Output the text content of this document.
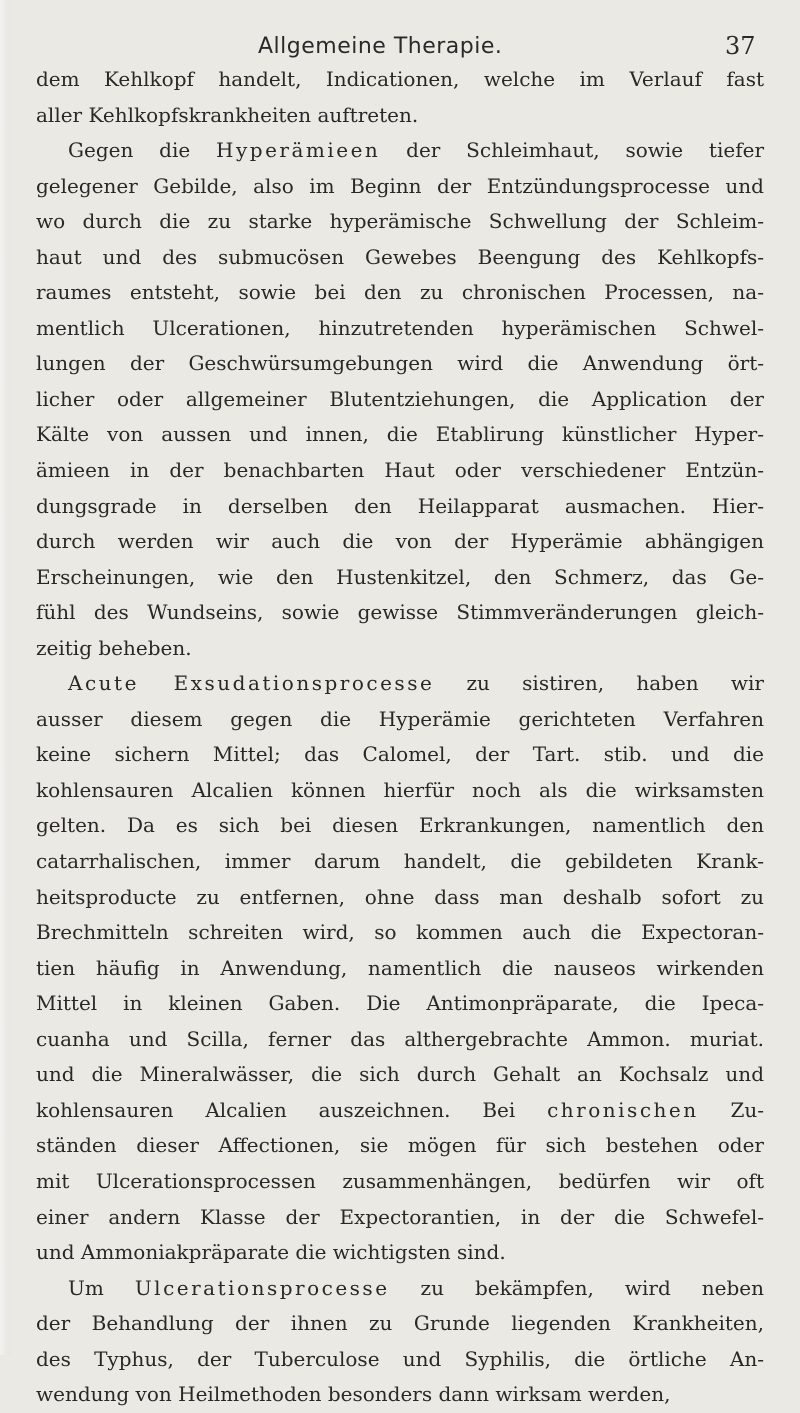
Allgemeine Therapie.	37
dem Kehlkopf handelt, Indicationen, welche im Verlauf fast
aller Kehlkopfskrankheiten auftreten.
Gegen die Hyperämieen der Schleimhaut, sowie tiefer
gelegener Gebilde, also im Beginn der Entzündungsprocesse und
wo durch die zu starke hyperämische Schwellung der Schleim-
haut und des submucösen Gewebes Beengung des Kehlkopfs-
raumes entsteht, sowie bei den zu chronischen Processen, na-
mentlich Ulcerationen, hinzutretenden hyperämischen Schwel-
lungen der Geschwürsumgebungen wird die Anwendung ört-
licher oder allgemeiner Blutentziehungen, die Application der
Kälte von aussen und innen, die Etablirung künstlicher Hyper-
ämieen in der benachbarten Haut oder verschiedener Entzün-
dungsgrade in derselben den Heilapparat ausmachen. Hier-
durch werden wir auch die von der Hyperämie abhängigen
Erscheinungen, wie den Hustenkitzel, den Schmerz, das Ge-
fühl des Wundseins, sowie gewisse Stimmveränderungen gleich-
zeitig beheben.
Acute Exsudationsprocesse zu sistiren, haben wir
ausser diesem gegen die Hyperämie gerichteten Verfahren
keine sichern Mittel; das Calomel, der Tart. stib. und die
kohlensauren Alcalien können hierfür noch als die wirksamsten
gelten. Da es sich bei diesen Erkrankungen, namentlich den
catarrhalischen, immer darum handelt, die gebildeten Krank-
heitsproducte zu entfernen, ohne dass man deshalb sofort zu
Brechmitteln schreiten wird, so kommen auch die Expectoran-
tien häufig in Anwendung, namentlich die nauseos wirkenden
Mittel in kleinen Gaben. Die Antimonpräparate, die Ipeca-
cuanha und Scilla, ferner das althergebrachte Ammon. muriat.
und die Mineralwässer, die sich durch Gehalt an Kochsalz und
kohlensauren Alcalien auszeichnen. Bei chronischen Zu-
ständen dieser Affectionen, sie mögen für sich bestehen oder
mit Ulcerationsprocessen zusammenhängen, bedürfen wir oft
einer andern Klasse der Expectorantien, in der die Schwefel-
und Ammoniakpräparate die wichtigsten sind.
Um Ulcerationsprocesse zu bekämpfen, wird neben
der Behandlung der ihnen zu Grunde liegenden Krankheiten,
des Typhus, der Tuberculose und Syphilis, die örtliche An-
wendung von Heilmethoden besonders dann wirksam werden,
